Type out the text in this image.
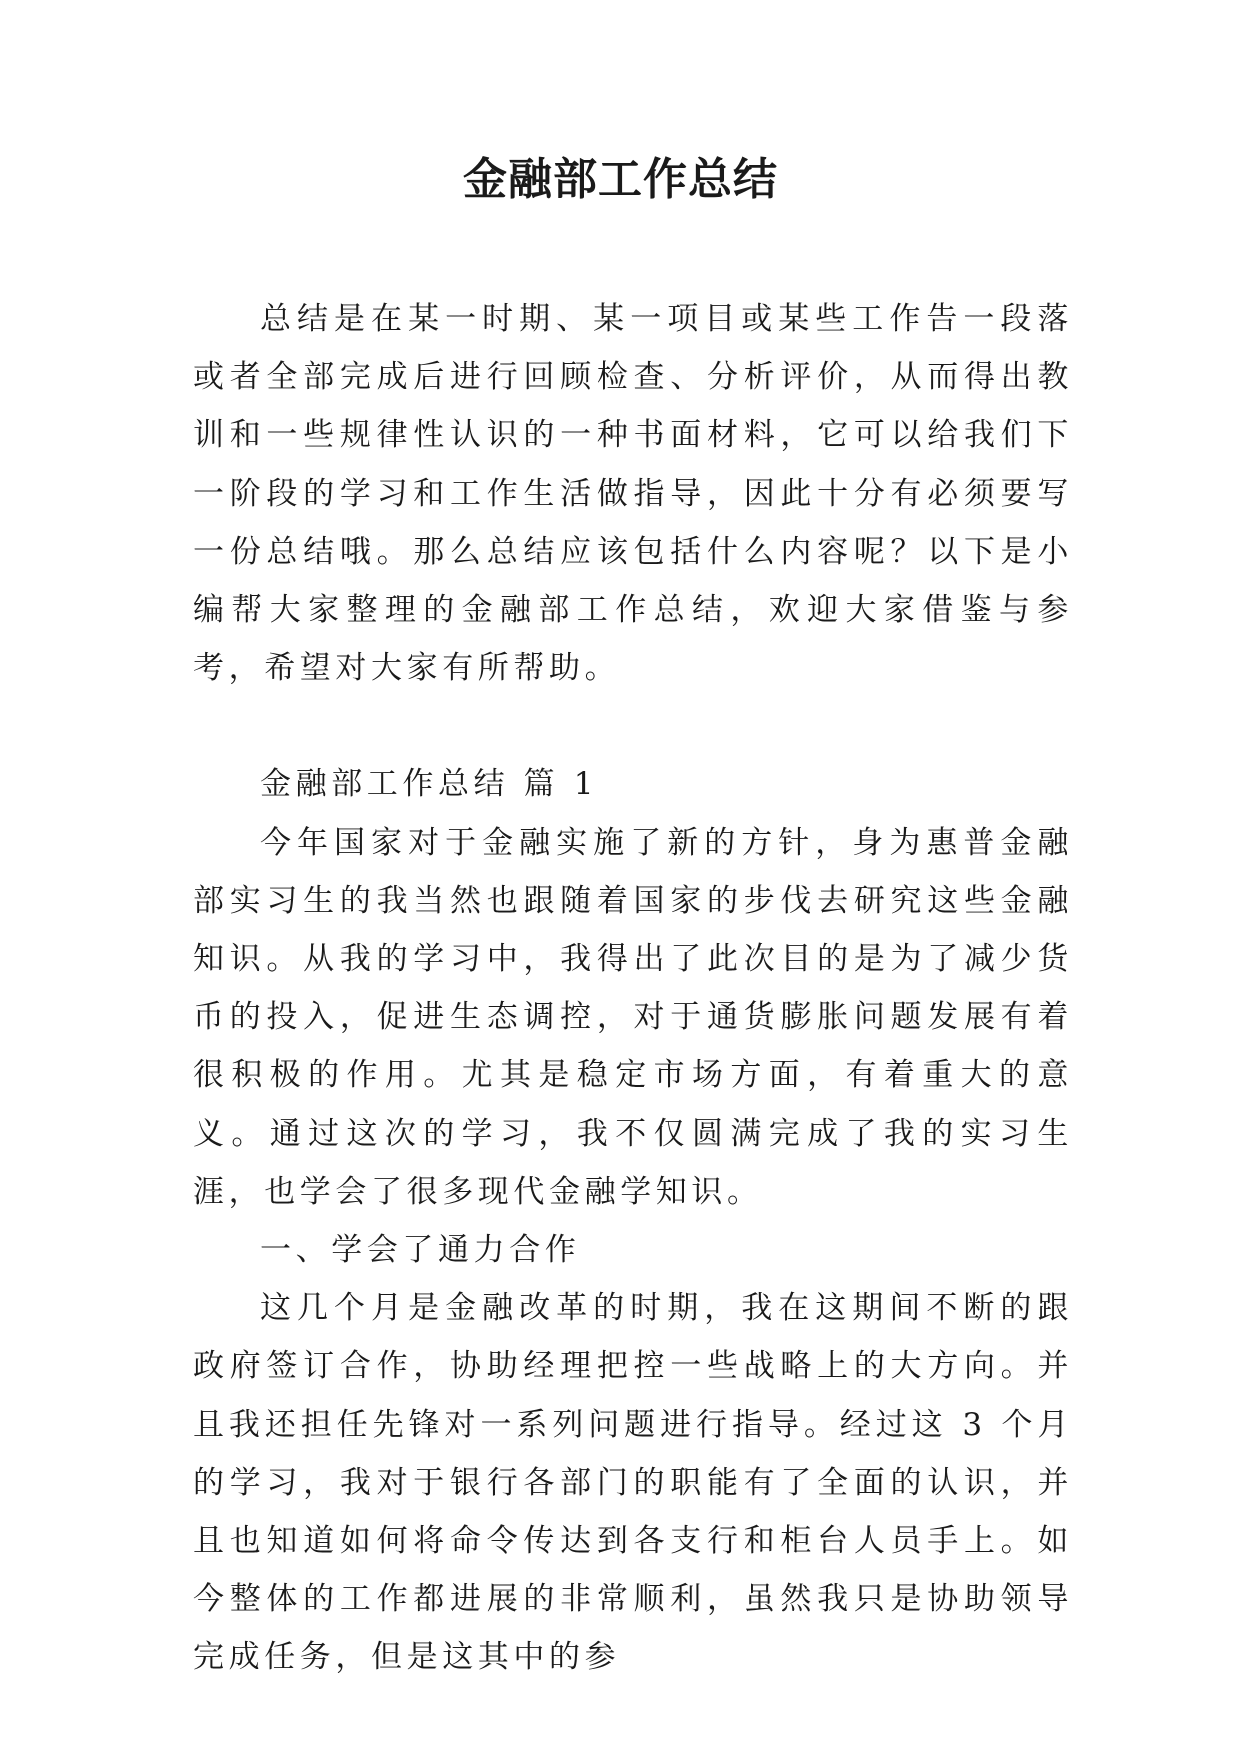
金融部工作总结

总结是在某一时期、某一项目或某些工作告一段落或者全部完成后进行回顾检查、分析评价，从而得出教训和一些规律性认识的一种书面材料，它可以给我们下一阶段的学习和工作生活做指导，因此十分有必须要写一份总结哦。那么总结应该包括什么内容呢？以下是小编帮大家整理的金融部工作总结，欢迎大家借鉴与参考，希望对大家有所帮助。

金融部工作总结 篇 1

今年国家对于金融实施了新的方针，身为惠普金融部实习生的我当然也跟随着国家的步伐去研究这些金融知识。从我的学习中，我得出了此次目的是为了减少货币的投入，促进生态调控，对于通货膨胀问题发展有着很积极的作用。尤其是稳定市场方面，有着重大的意义。通过这次的学习，我不仅圆满完成了我的实习生涯，也学会了很多现代金融学知识。

一、学会了通力合作

这几个月是金融改革的时期，我在这期间不断的跟政府签订合作，协助经理把控一些战略上的大方向。并且我还担任先锋对一系列问题进行指导。经过这 3 个月的学习，我对于银行各部门的职能有了全面的认识，并且也知道如何将命令传达到各支行和柜台人员手上。如今整体的工作都进展的非常顺利，虽然我只是协助领导完成任务，但是这其中的参
